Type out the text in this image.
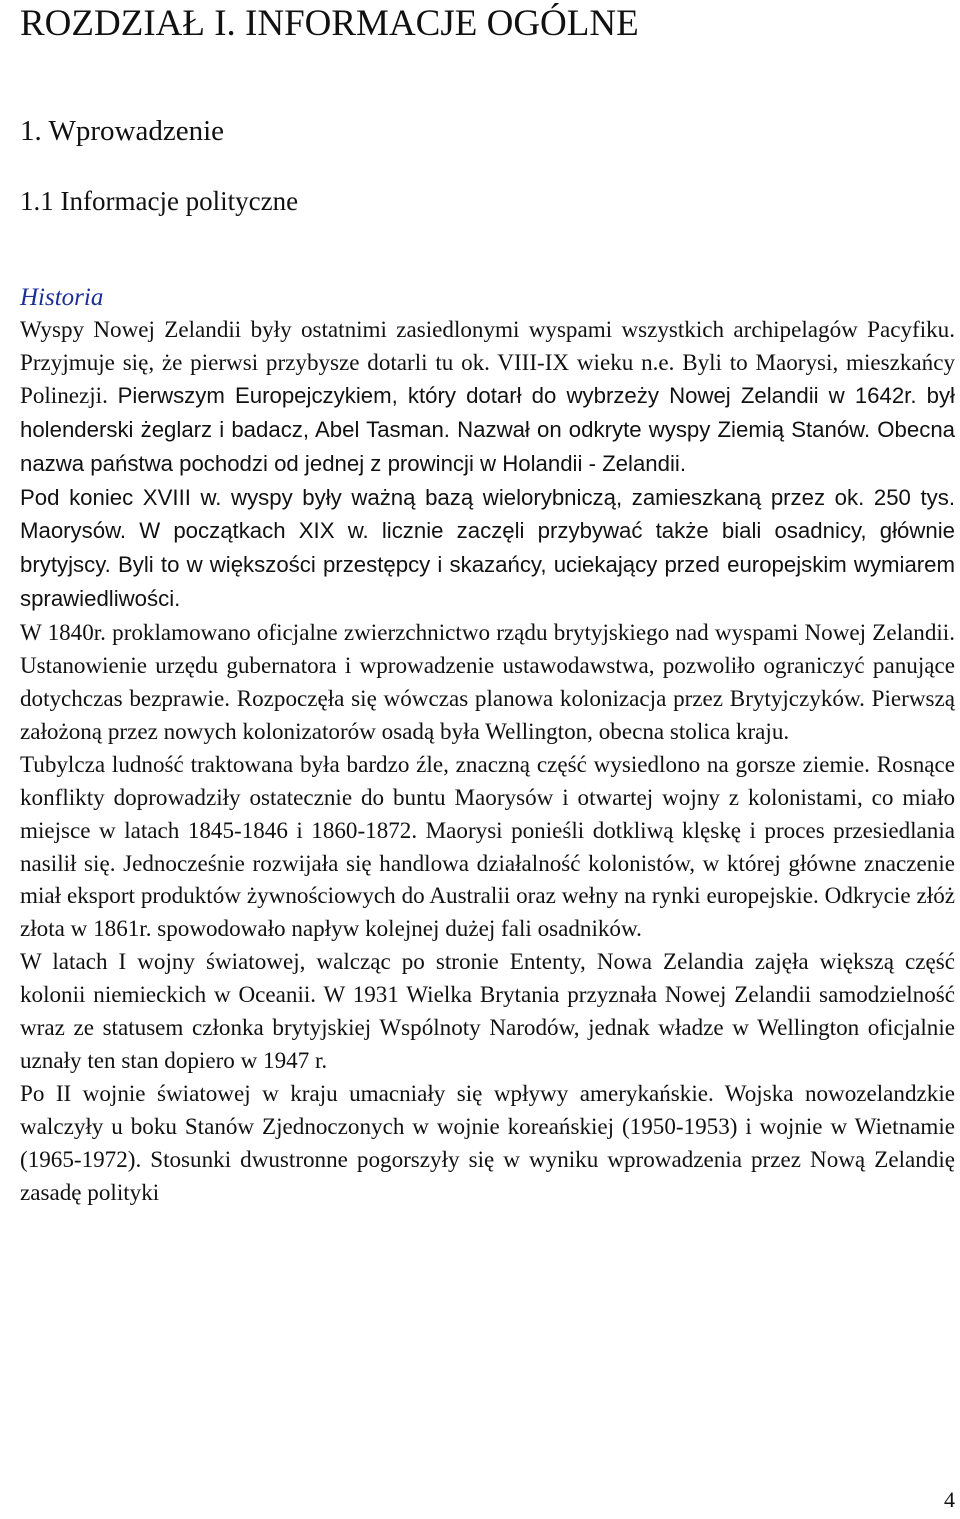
ROZDZIAŁ I. INFORMACJE OGÓLNE
1. Wprowadzenie
1.1 Informacje polityczne
Historia

Wyspy Nowej Zelandii były ostatnimi zasiedlonymi wyspami wszystkich archipelagów Pacyfiku. Przyjmuje się, że pierwsi przybysze dotarli tu ok. VIII-IX wieku n.e. Byli to Maorysi, mieszkańcy Polinezji. Pierwszym Europejczykiem, który dotarł do wybrzeży Nowej Zelandii w 1642r. był holenderski żeglarz i badacz, Abel Tasman. Nazwał on odkryte wyspy Ziemią Stanów. Obecna nazwa państwa pochodzi od jednej z prowincji w Holandii - Zelandii.

Pod koniec XVIII w. wyspy były ważną bazą wielorybniczą, zamieszkaną przez ok. 250 tys. Maorysów. W początkach XIX w. licznie zaczęli przybywać także biali osadnicy, głównie brytyjscy. Byli to w większości przestępcy i skazańcy, uciekający przed europejskim wymiarem sprawiedliwości.

W 1840r. proklamowano oficjalne zwierzchnictwo rządu brytyjskiego nad wyspami Nowej Zelandii. Ustanowienie urzędu gubernatora i wprowadzenie ustawodawstwa, pozwoliło ograniczyć panujące dotychczas bezprawie. Rozpoczęła się wówczas planowa kolonizacja przez Brytyjczyków. Pierwszą założoną przez nowych kolonizatorów osadą była Wellington, obecna stolica kraju.

Tubylcza ludność traktowana była bardzo źle, znaczną część wysiedlono na gorsze ziemie. Rosnące konflikty doprowadziły ostatecznie do buntu Maorysów i otwartej wojny z kolonistami, co miało miejsce w latach 1845-1846 i 1860-1872. Maorysi ponieśli dotkliwą klęskę i proces przesiedlania nasilił się. Jednocześnie rozwijała się handlowa działalność kolonistów, w której główne znaczenie miał eksport produktów żywnościowych do Australii oraz wełny na rynki europejskie. Odkrycie złóż złota w 1861r. spowodowało napływ kolejnej dużej fali osadników.

W latach I wojny światowej, walcząc po stronie Ententy, Nowa Zelandia zajęła większą część kolonii niemieckich w Oceanii. W 1931 Wielka Brytania przyznała Nowej Zelandii samodzielność wraz ze statusem członka brytyjskiej Wspólnoty Narodów, jednak władze w Wellington oficjalnie uznały ten stan dopiero w 1947 r.

Po II wojnie światowej w kraju umacniały się wpływy amerykańskie. Wojska nowozelandzkie walczyły u boku Stanów Zjednoczonych w wojnie koreańskiej (1950-1953) i wojnie w Wietnamie (1965-1972). Stosunki dwustronne pogorszyły się w wyniku wprowadzenia przez Nową Zelandię zasadę polityki

4
